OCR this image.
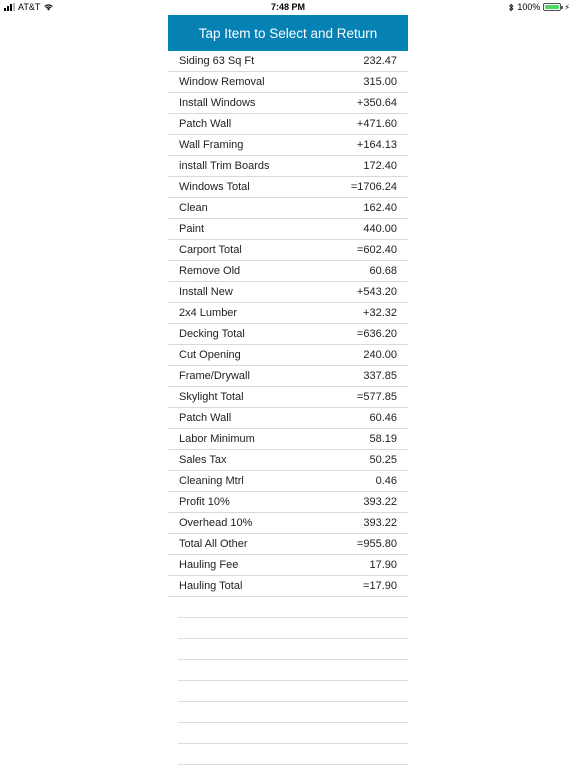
AT&T	7:48 PM	100%	⚡
Tap Item to Select and Return
Siding 63 Sq Ft	232.47
Window Removal	315.00
Install Windows	+350.64
Patch Wall	+471.60
Wall Framing	+164.13
install Trim Boards	172.40
Windows Total	=1706.24
Clean	162.40
Paint	440.00
Carport Total	=602.40
Remove Old	60.68
Install New	+543.20
2x4 Lumber	+32.32
Decking Total	=636.20
Cut Opening	240.00
Frame/Drywall	337.85
Skylight Total	=577.85
Patch Wall	60.46
Labor Minimum	58.19
Sales Tax	50.25
Cleaning Mtrl	0.46
Profit 10%	393.22
Overhead 10%	393.22
Total All Other	=955.80
Hauling Fee	17.90
Hauling Total	=17.90
